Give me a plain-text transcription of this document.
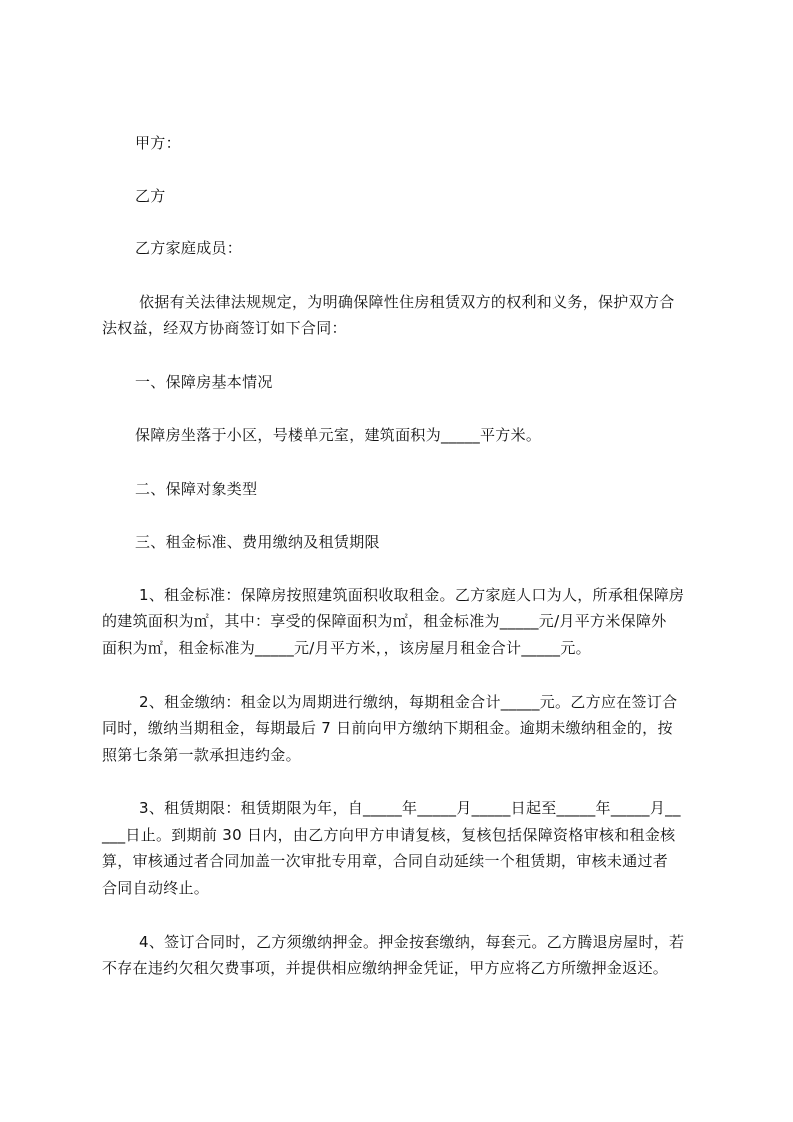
甲方：
乙方
乙方家庭成员：
依据有关法律法规规定，为明确保障性住房租赁双方的权利和义务，保护双方合
法权益，经双方协商签订如下合同：
一、保障房基本情况
保障房坐落于小区，号楼单元室，建筑面积为_____平方米。
二、保障对象类型
三、租金标准、费用缴纳及租赁期限
1、租金标准：保障房按照建筑面积收取租金。乙方家庭人口为人，所承租保障房
的建筑面积为㎡，其中：享受的保障面积为㎡，租金标准为_____元/月平方米保障外
面积为㎡，租金标准为_____元/月平方米，，该房屋月租金合计_____元。
2、租金缴纳：租金以为周期进行缴纳，每期租金合计_____元。乙方应在签订合
同时，缴纳当期租金，每期最后 7 日前向甲方缴纳下期租金。逾期未缴纳租金的，按
照第七条第一款承担违约金。
3、租赁期限：租赁期限为年，自_____年_____月_____日起至_____年_____月__
___日止。到期前 30 日内，由乙方向甲方申请复核，复核包括保障资格审核和租金核
算，审核通过者合同加盖一次审批专用章，合同自动延续一个租赁期，审核未通过者
合同自动终止。
4、签订合同时，乙方须缴纳押金。押金按套缴纳，每套元。乙方腾退房屋时，若
不存在违约欠租欠费事项，并提供相应缴纳押金凭证，甲方应将乙方所缴押金返还。
